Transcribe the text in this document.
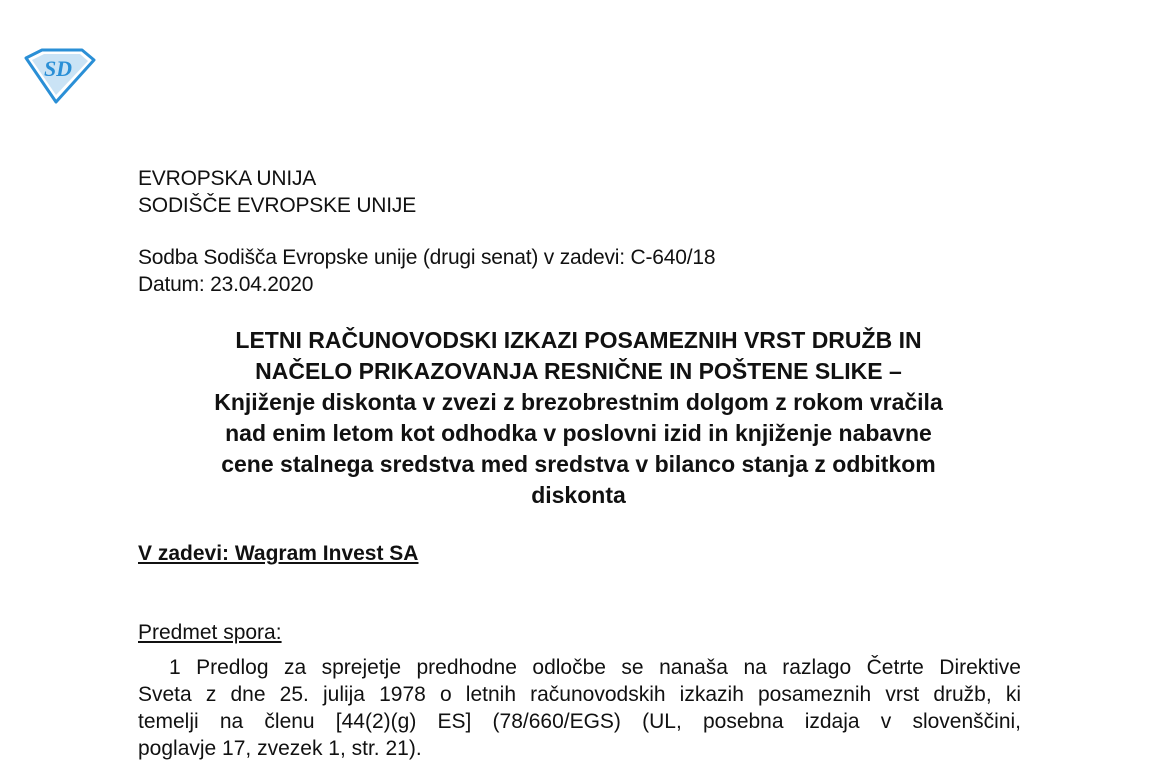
SD
EVROPSKA UNIJA
SODIŠČE EVROPSKE UNIJE
Sodba Sodišča Evropske unije (drugi senat) v zadevi: C-640/18
Datum: 23.04.2020
LETNI RAČUNOVODSKI IZKAZI POSAMEZNIH VRST DRUŽB IN
NAČELO PRIKAZOVANJA RESNIČNE IN POŠTENE SLIKE –
Knjiženje diskonta v zvezi z brezobrestnim dolgom z rokom vračila
nad enim letom kot odhodka v poslovni izid in knjiženje nabavne
cene stalnega sredstva med sredstva v bilanco stanja z odbitkom
diskonta
V zadevi: Wagram Invest SA
Predmet spora:
1 Predlog za sprejetje predhodne odločbe se nanaša na razlago Četrte Direktive
Sveta z dne 25. julija 1978 o letnih računovodskih izkazih posameznih vrst družb, ki
temelji na členu [44(2)(g) ES] (78/660/EGS) (UL, posebna izdaja v slovenščini,
poglavje 17, zvezek 1, str. 21).
